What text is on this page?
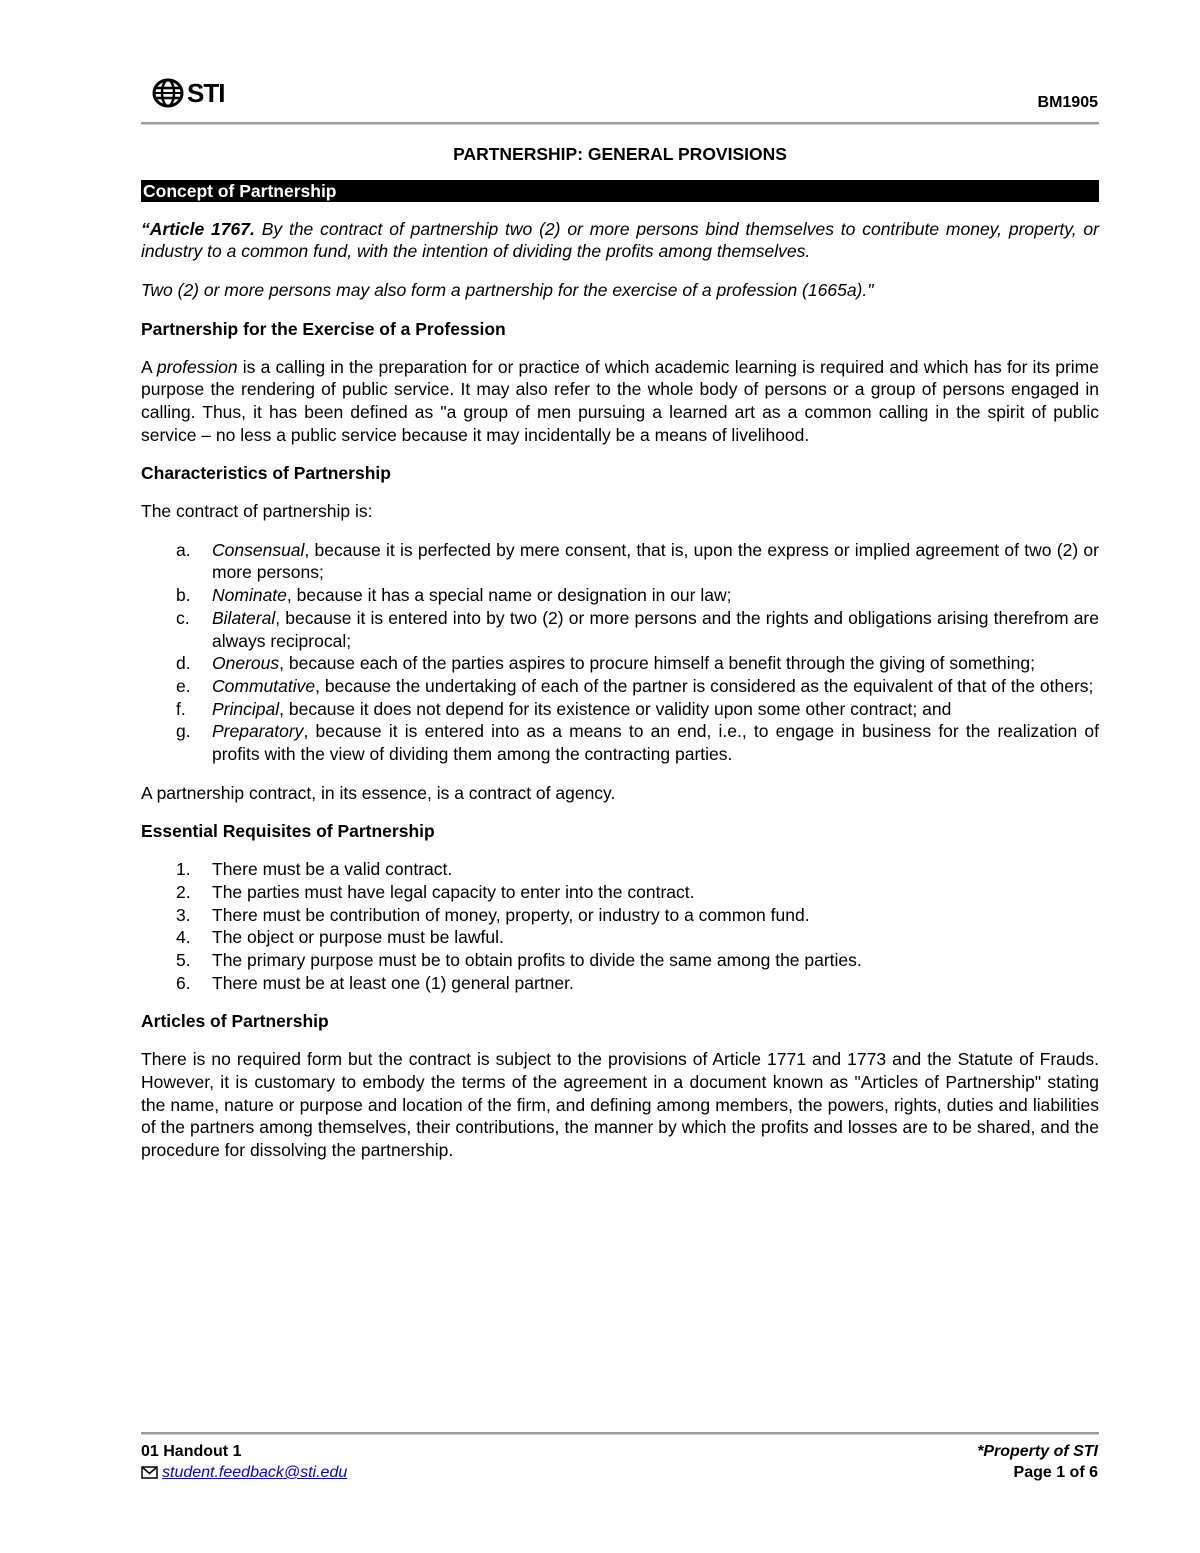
STI	BM1905
PARTNERSHIP: GENERAL PROVISIONS
Concept of Partnership

“Article 1767. By the contract of partnership two (2) or more persons bind themselves to contribute money, property, or industry to a common fund, with the intention of dividing the profits among themselves.

Two (2) or more persons may also form a partnership for the exercise of a profession (1665a)."

Partnership for the Exercise of a Profession

A profession is a calling in the preparation for or practice of which academic learning is required and which has for its prime purpose the rendering of public service. It may also refer to the whole body of persons or a group of persons engaged in calling. Thus, it has been defined as "a group of men pursuing a learned art as a common calling in the spirit of public service – no less a public service because it may incidentally be a means of livelihood.

Characteristics of Partnership

The contract of partnership is:

a. Consensual, because it is perfected by mere consent, that is, upon the express or implied agreement of two (2) or more persons;
b. Nominate, because it has a special name or designation in our law;
c. Bilateral, because it is entered into by two (2) or more persons and the rights and obligations arising therefrom are always reciprocal;
d. Onerous, because each of the parties aspires to procure himself a benefit through the giving of something;
e. Commutative, because the undertaking of each of the partner is considered as the equivalent of that of the others;
f. Principal, because it does not depend for its existence or validity upon some other contract; and
g. Preparatory, because it is entered into as a means to an end, i.e., to engage in business for the realization of profits with the view of dividing them among the contracting parties.

A partnership contract, in its essence, is a contract of agency.

Essential Requisites of Partnership
1. There must be a valid contract.
2. The parties must have legal capacity to enter into the contract.
3. There must be contribution of money, property, or industry to a common fund.
4. The object or purpose must be lawful.
5. The primary purpose must be to obtain profits to divide the same among the parties.
6. There must be at least one (1) general partner.
Articles of Partnership

There is no required form but the contract is subject to the provisions of Article 1771 and 1773 and the Statute of Frauds. However, it is customary to embody the terms of the agreement in a document known as "Articles of Partnership" stating the name, nature or purpose and location of the firm, and defining among members, the powers, rights, duties and liabilities of the partners among themselves, their contributions, the manner by which the profits and losses are to be shared, and the procedure for dissolving the partnership.

01 Handout 1
student.feedback@sti.edu
*Property of STI
Page 1 of 6
